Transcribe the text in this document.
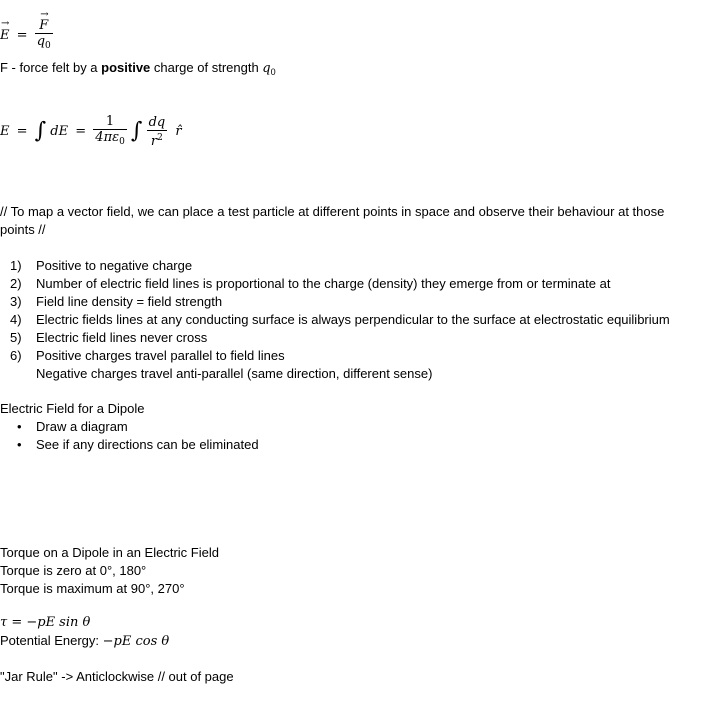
→
E = →
F
$q_0$
F - force felt by a positive charge of strength $q_0$
E = ∫ dE = $\frac{1}{4\pi\varepsilon_0}$ ∫ $\frac{dq}{r^2}$ r̂
// To map a vector field, we can place a test particle at different points in space and observe their behaviour at those
points //
1) Positive to negative charge
2) Number of electric field lines is proportional to the charge (density) they emerge from or terminate at
3) Field line density = field strength
4) Electric fields lines at any conducting surface is always perpendicular to the surface at electrostatic equilibrium
5) Electric field lines never cross
6) Positive charges travel parallel to field lines
Negative charges travel anti-parallel (same direction, different sense)
Electric Field for a Dipole
• Draw a diagram
• See if any directions can be eliminated
Torque on a Dipole in an Electric Field
Torque is zero at 0°, 180°
Torque is maximum at 90°, 270°
τ = −pE sin θ
Potential Energy: −pE cos θ
"Jar Rule" -> Anticlockwise // out of page
